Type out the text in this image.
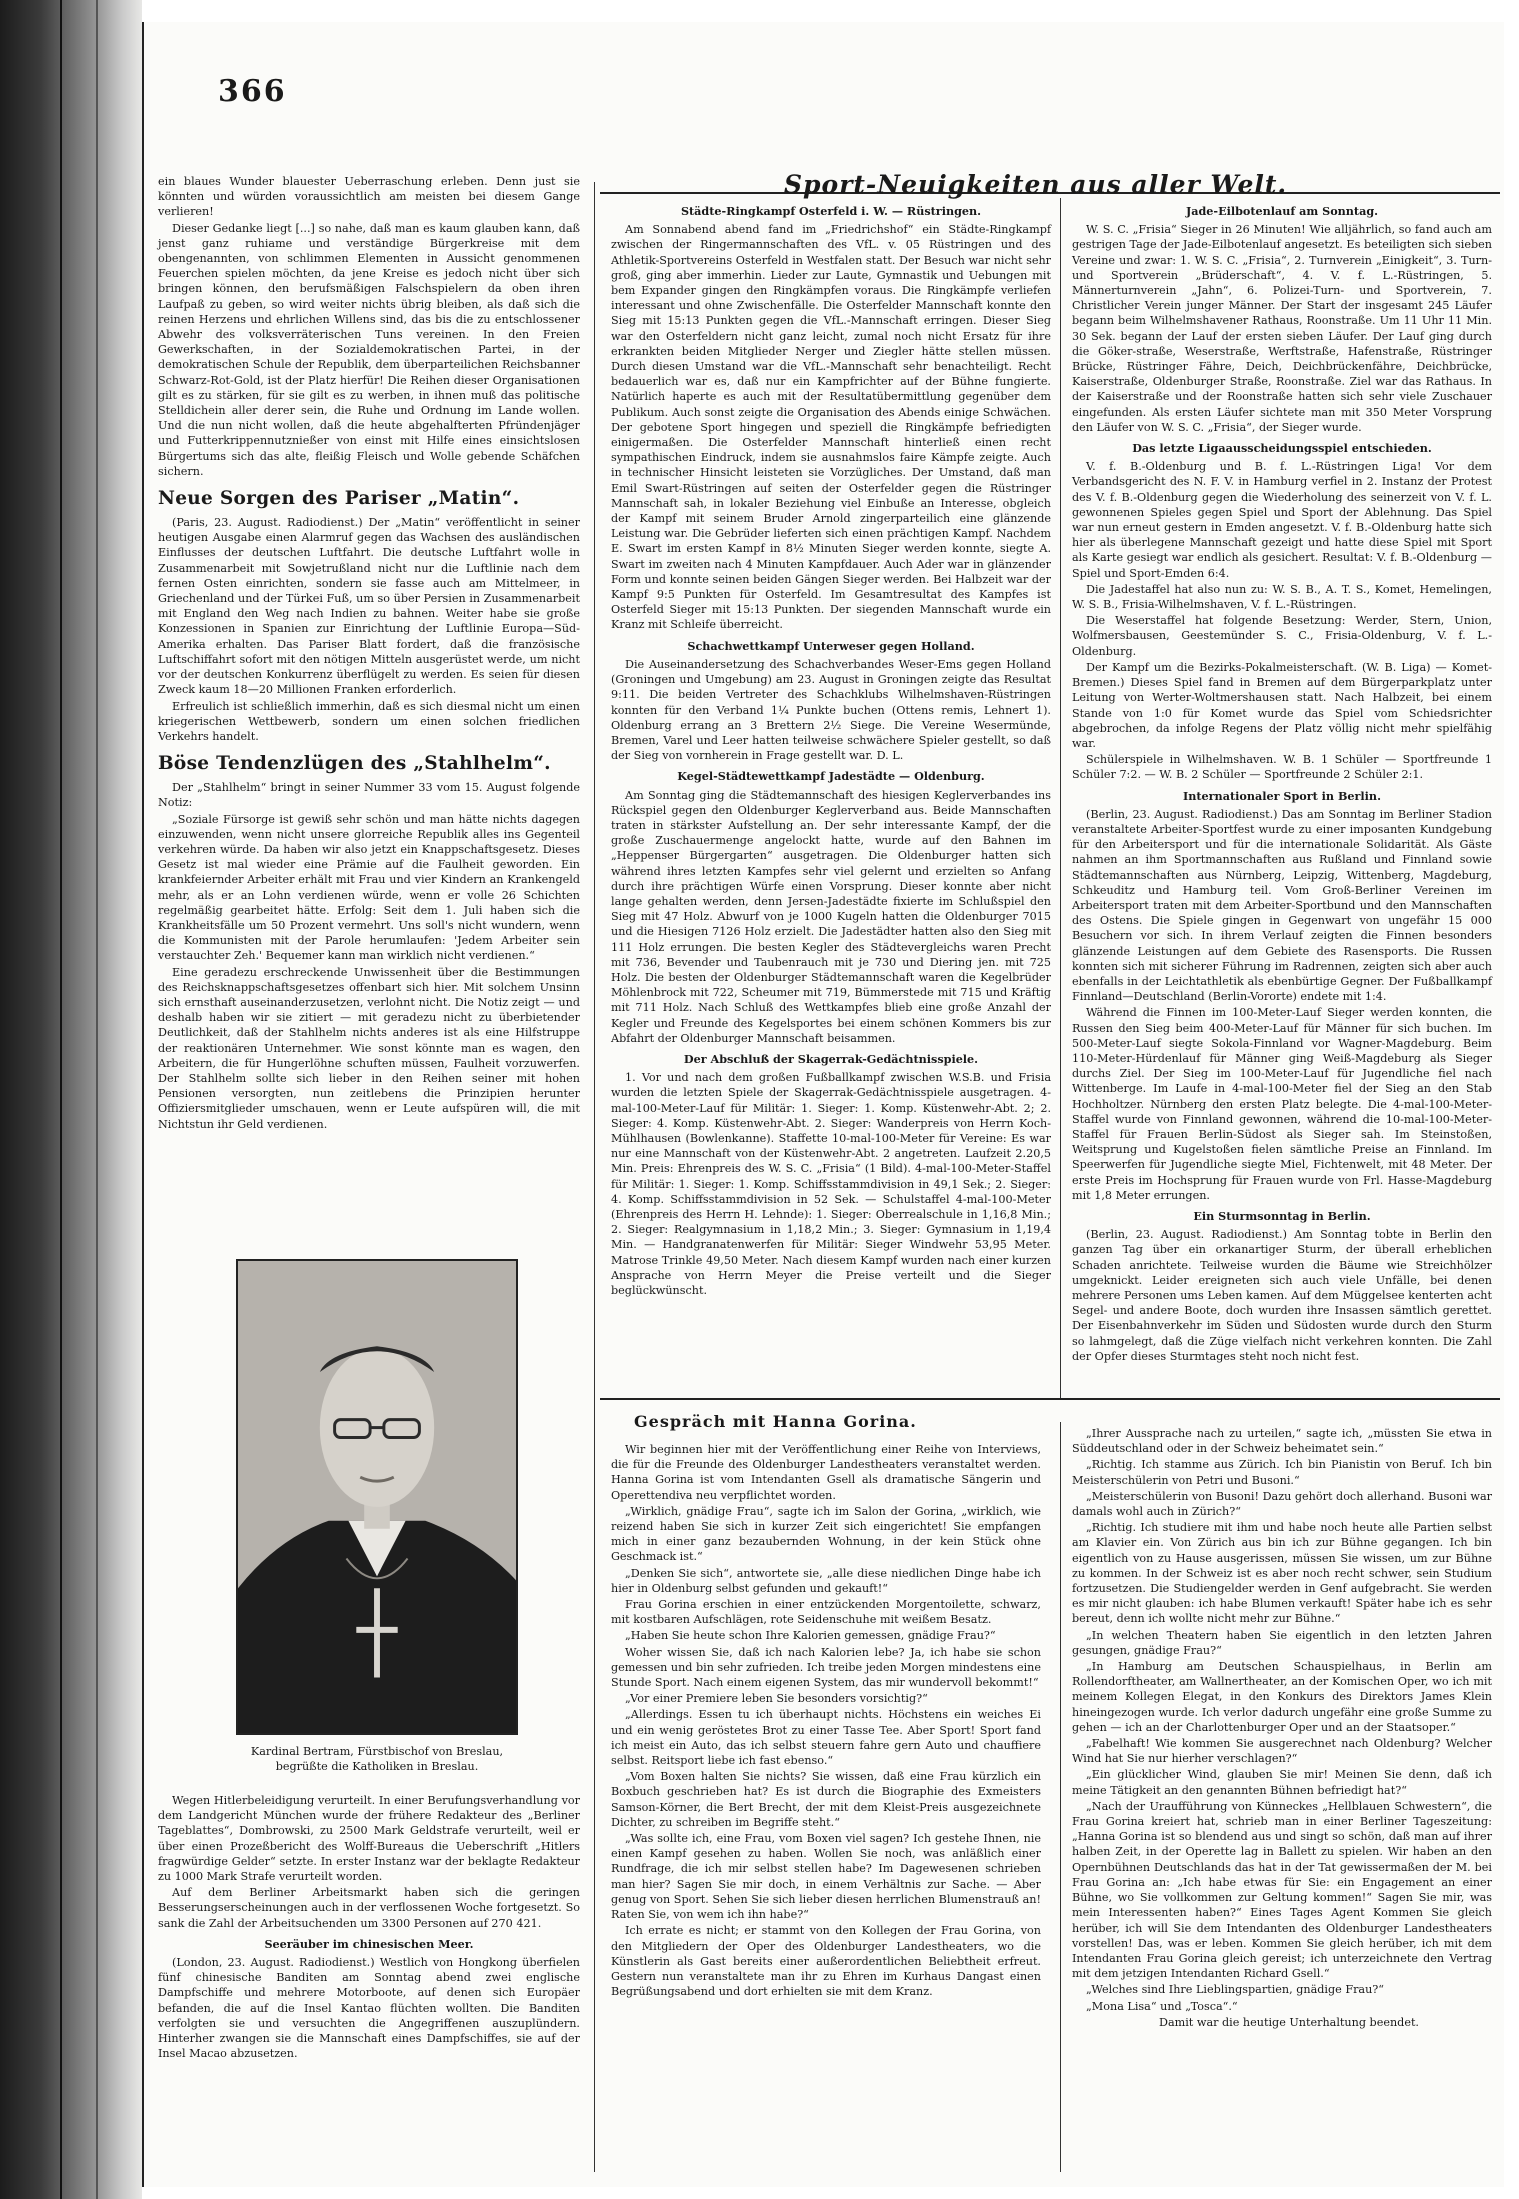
366

ein blaues Wunder blauester Ueberraschung erleben. Denn just sie könnten und würden voraussichtlich am meisten bei diesem Gange verlieren!

Dieser Gedanke liegt [...] so nahe, daß man es kaum glauben kann, daß jenst ganz ruhiame und verständige Bürgerkreise mit dem obengenannten, von schlimmen Elementen in Aussicht genommenen Feuerchen spielen möchten, da jene Kreise es jedoch nicht über sich bringen können, den berufsmäßigen Falschspielern da oben ihren Laufpaß zu geben, so wird weiter nichts übrig bleiben, als daß sich die reinen Herzens und ehrlichen Willens sind, das bis die zu entschlossener Abwehr des volksverräterischen Tuns vereinen. In den Freien Gewerkschaften, in der Sozialdemokratischen Partei, in der demokratischen Schule der Republik, dem überparteilichen Reichsbanner Schwarz-Rot-Gold, ist der Platz hierfür! Die Reihen dieser Organisationen gilt es zu stärken, für sie gilt es zu werben, in ihnen muß das politische Stelldichein aller derer sein, die Ruhe und Ordnung im Lande wollen. Und die nun nicht wollen, daß die heute abgehalfterten Pfründenjäger und Futterkrippennutznießer von einst mit Hilfe eines einsichtslosen Bürgertums sich das alte, fleißig Fleisch und Wolle gebende Schäfchen sichern.

Neue Sorgen des Pariser „Matin“.

(Paris, 23. August. Radiodienst.) Der „Matin“ veröffentlicht in seiner heutigen Ausgabe einen Alarmruf gegen das Wachsen des ausländischen Einflusses der deutschen Luftfahrt. Die deutsche Luftfahrt wolle in Zusammenarbeit mit Sowjetrußland nicht nur die Luftlinie nach dem fernen Osten einrichten, sondern sie fasse auch am Mittelmeer, in Griechenland und der Türkei Fuß, um so über Persien in Zusammenarbeit mit England den Weg nach Indien zu bahnen. Weiter habe sie große Konzessionen in Spanien zur Einrichtung der Luftlinie Europa—Süd-Amerika erhalten. Das Pariser Blatt fordert, daß die französische Luftschiffahrt sofort mit den nötigen Mitteln ausgerüstet werde, um nicht vor der deutschen Konkurrenz überflügelt zu werden. Es seien für diesen Zweck kaum 18—20 Millionen Franken erforderlich.

Erfreulich ist schließlich immerhin, daß es sich diesmal nicht um einen kriegerischen Wettbewerb, sondern um einen solchen friedlichen Verkehrs handelt.

Böse Tendenzlügen des „Stahlhelm“.

Der „Stahlhelm“ bringt in seiner Nummer 33 vom 15. August folgende Notiz:

„Soziale Fürsorge ist gewiß sehr schön und man hätte nichts dagegen einzuwenden, wenn nicht unsere glorreiche Republik alles ins Gegenteil verkehren würde. Da haben wir also jetzt ein Knappschaftsgesetz. Dieses Gesetz ist mal wieder eine Prämie auf die Faulheit geworden. Ein krankfeiernder Arbeiter erhält mit Frau und vier Kindern an Krankengeld mehr, als er an Lohn verdienen würde, wenn er volle 26 Schichten regelmäßig gearbeitet hätte. Erfolg: Seit dem 1. Juli haben sich die Krankheitsfälle um 50 Prozent vermehrt. Uns soll's nicht wundern, wenn die Kommunisten mit der Parole herumlaufen: 'Jedem Arbeiter sein verstauchter Zeh.' Bequemer kann man wirklich nicht verdienen.“

Eine geradezu erschreckende Unwissenheit über die Bestimmungen des Reichsknappschaftsgesetzes offenbart sich hier. Mit solchem Unsinn sich ernsthaft auseinanderzusetzen, verlohnt nicht. Die Notiz zeigt — und deshalb haben wir sie zitiert — mit geradezu nicht zu überbietender Deutlichkeit, daß der Stahlhelm nichts anderes ist als eine Hilfstruppe der reaktionären Unternehmer. Wie sonst könnte man es wagen, den Arbeitern, die für Hungerlöhne schuften müssen, Faulheit vorzuwerfen. Der Stahlhelm sollte sich lieber in den Reihen seiner mit hohen Pensionen versorgten, nun zeitlebens die Prinzipien herunter Offiziersmitglieder umschauen, wenn er Leute aufspüren will, die mit Nichtstun ihr Geld verdienen.

Kardinal Bertram, Fürstbischof von Breslau,
begrüßte die Katholiken in Breslau.

Wegen Hitlerbeleidigung verurteilt. In einer Berufungsverhandlung vor dem Landgericht München wurde der frühere Redakteur des „Berliner Tageblattes“, Dombrowski, zu 2500 Mark Geldstrafe verurteilt, weil er über einen Prozeßbericht des Wolff-Bureaus die Ueberschrift „Hitlers fragwürdige Gelder“ setzte. In erster Instanz war der beklagte Redakteur zu 1000 Mark Strafe verurteilt worden.

Auf dem Berliner Arbeitsmarkt haben sich die geringen Besserungserscheinungen auch in der verflossenen Woche fortgesetzt. So sank die Zahl der Arbeitsuchenden um 3300 Personen auf 270 421.

Seeräuber im chinesischen Meer.

(London, 23. August. Radiodienst.) Westlich von Hongkong überfielen fünf chinesische Banditen am Sonntag abend zwei englische Dampfschiffe und mehrere Motorboote, auf denen sich Europäer befanden, die auf die Insel Kantao flüchten wollten. Die Banditen verfolgten sie und versuchten die Angegriffenen auszuplündern. Hinterher zwangen sie die Mannschaft eines Dampfschiffes, sie auf der Insel Macao abzusetzen.

Sport-Neuigkeiten aus aller Welt.
Städte-Ringkampf Osterfeld i. W. — Rüstringen.

Am Sonnabend abend fand im „Friedrichshof“ ein Städte-Ringkampf zwischen der Ringermannschaften des VfL. v. 05 Rüstringen und des Athletik-Sportvereins Osterfeld in Westfalen statt. Der Besuch war nicht sehr groß, ging aber immerhin. Lieder zur Laute, Gymnastik und Uebungen mit bem Expander gingen den Ringkämpfen voraus. Die Ringkämpfe verliefen interessant und ohne Zwischenfälle. Die Osterfelder Mannschaft konnte den Sieg mit 15:13 Punkten gegen die VfL.-Mannschaft erringen. Dieser Sieg war den Osterfeldern nicht ganz leicht, zumal noch nicht Ersatz für ihre erkrankten beiden Mitglieder Nerger und Ziegler hätte stellen müssen. Durch diesen Umstand war die VfL.-Mannschaft sehr benachteiligt. Recht bedauerlich war es, daß nur ein Kampfrichter auf der Bühne fungierte. Natürlich haperte es auch mit der Resultatübermittlung gegenüber dem Publikum. Auch sonst zeigte die Organisation des Abends einige Schwächen. Der gebotene Sport hingegen und speziell die Ringkämpfe befriedigten einigermaßen. Die Osterfelder Mannschaft hinterließ einen recht sympathischen Eindruck, indem sie ausnahmslos faire Kämpfe zeigte. Auch in technischer Hinsicht leisteten sie Vorzügliches. Der Umstand, daß man Emil Swart-Rüstringen auf seiten der Osterfelder gegen die Rüstringer Mannschaft sah, in lokaler Beziehung viel Einbuße an Interesse, obgleich der Kampf mit seinem Bruder Arnold zingerparteilich eine glänzende Leistung war. Die Gebrüder lieferten sich einen prächtigen Kampf. Nachdem E. Swart im ersten Kampf in 8½ Minuten Sieger werden konnte, siegte A. Swart im zweiten nach 4 Minuten Kampfdauer. Auch Ader war in glänzender Form und konnte seinen beiden Gängen Sieger werden. Bei Halbzeit war der Kampf 9:5 Punkten für Osterfeld. Im Gesamtresultat des Kampfes ist Osterfeld Sieger mit 15:13 Punkten. Der siegenden Mannschaft wurde ein Kranz mit Schleife überreicht.

Schachwettkampf Unterweser gegen Holland.

Die Auseinandersetzung des Schachverbandes Weser-Ems gegen Holland (Groningen und Umgebung) am 23. August in Groningen zeigte das Resultat 9:11. Die beiden Vertreter des Schachklubs Wilhelmshaven-Rüstringen konnten für den Verband 1¼ Punkte buchen (Ottens remis, Lehnert 1). Oldenburg errang an 3 Brettern 2½ Siege. Die Vereine Wesermünde, Bremen, Varel und Leer hatten teilweise schwächere Spieler gestellt, so daß der Sieg von vornherein in Frage gestellt war. D. L.

Kegel-Städtewettkampf Jadestädte — Oldenburg.

Am Sonntag ging die Städtemannschaft des hiesigen Keglerverbandes ins Rückspiel gegen den Oldenburger Keglerverband aus. Beide Mannschaften traten in stärkster Aufstellung an. Der sehr interessante Kampf, der die große Zuschauermenge angelockt hatte, wurde auf den Bahnen im „Heppenser Bürgergarten“ ausgetragen. Die Oldenburger hatten sich während ihres letzten Kampfes sehr viel gelernt und erzielten so Anfang durch ihre prächtigen Würfe einen Vorsprung. Dieser konnte aber nicht lange gehalten werden, denn Jersen-Jadestädte fixierte im Schlußspiel den Sieg mit 47 Holz. Abwurf von je 1000 Kugeln hatten die Oldenburger 7015 und die Hiesigen 7126 Holz erzielt. Die Jadestädter hatten also den Sieg mit 111 Holz errungen. Die besten Kegler des Städtevergleichs waren Precht mit 736, Bevender und Taubenrauch mit je 730 und Diering jen. mit 725 Holz. Die besten der Oldenburger Städtemannschaft waren die Kegelbrüder Möhlenbrock mit 722, Scheumer mit 719, Bümmerstede mit 715 und Kräftig mit 711 Holz. Nach Schluß des Wettkampfes blieb eine große Anzahl der Kegler und Freunde des Kegelsportes bei einem schönen Kommers bis zur Abfahrt der Oldenburger Mannschaft beisammen.

Der Abschluß der Skagerrak-Gedächtnisspiele.

1. Vor und nach dem großen Fußballkampf zwischen W.S.B. und Frisia wurden die letzten Spiele der Skagerrak-Gedächtnisspiele ausgetragen. 4-mal-100-Meter-Lauf für Militär: 1. Sieger: 1. Komp. Küstenwehr-Abt. 2; 2. Sieger: 4. Komp. Küstenwehr-Abt. 2. Sieger: Wanderpreis von Herrn Koch-Mühlhausen (Bowlenkanne). Staffette 10-mal-100-Meter für Vereine: Es war nur eine Mannschaft von der Küstenwehr-Abt. 2 angetreten. Laufzeit 2.20,5 Min. Preis: Ehrenpreis des W. S. C. „Frisia“ (1 Bild). 4-mal-100-Meter-Staffel für Militär: 1. Sieger: 1. Komp. Schiffsstammdivision in 49,1 Sek.; 2. Sieger: 4. Komp. Schiffsstammdivision in 52 Sek. — Schulstaffel 4-mal-100-Meter (Ehrenpreis des Herrn H. Lehnde): 1. Sieger: Oberrealschule in 1,16,8 Min.; 2. Sieger: Realgymnasium in 1,18,2 Min.; 3. Sieger: Gymnasium in 1,19,4 Min. — Handgranatenwerfen für Militär: Sieger Windwehr 53,95 Meter. Matrose Trinkle 49,50 Meter. Nach diesem Kampf wurden nach einer kurzen Ansprache von Herrn Meyer die Preise verteilt und die Sieger beglückwünscht.

Jade-Eilbotenlauf am Sonntag.

W. S. C. „Frisia“ Sieger in 26 Minuten! Wie alljährlich, so fand auch am gestrigen Tage der Jade-Eilbotenlauf angesetzt. Es beteiligten sich sieben Vereine und zwar: 1. W. S. C. „Frisia“, 2. Turnverein „Einigkeit“, 3. Turn- und Sportverein „Brüderschaft“, 4. V. f. L.-Rüstringen, 5. Männerturnverein „Jahn“, 6. Polizei-Turn- und Sportverein, 7. Christlicher Verein junger Männer. Der Start der insgesamt 245 Läufer begann beim Wilhelmshavener Rathaus, Roonstraße. Um 11 Uhr 11 Min. 30 Sek. begann der Lauf der ersten sieben Läufer. Der Lauf ging durch die Göker-straße, Weserstraße, Werftstraße, Hafenstraße, Rüstringer Brücke, Rüstringer Fähre, Deich, Deichbrückenfähre, Deichbrücke, Kaiserstraße, Oldenburger Straße, Roonstraße. Ziel war das Rathaus. In der Kaiserstraße und der Roonstraße hatten sich sehr viele Zuschauer eingefunden. Als ersten Läufer sichtete man mit 350 Meter Vorsprung den Läufer von W. S. C. „Frisia“, der Sieger wurde.

Das letzte Ligaausscheidungsspiel entschieden.

V. f. B.-Oldenburg und B. f. L.-Rüstringen Liga! Vor dem Verbandsgericht des N. F. V. in Hamburg verfiel in 2. Instanz der Protest des V. f. B.-Oldenburg gegen die Wiederholung des seinerzeit von V. f. L. gewonnenen Spieles gegen Spiel und Sport der Ablehnung. Das Spiel war nun erneut gestern in Emden angesetzt. V. f. B.-Oldenburg hatte sich hier als überlegene Mannschaft gezeigt und hatte diese Spiel mit Sport als Karte gesiegt war endlich als gesichert. Resultat: V. f. B.-Oldenburg — Spiel und Sport-Emden 6:4.

Die Jadestaffel hat also nun zu: W. S. B., A. T. S., Komet, Hemelingen, W. S. B., Frisia-Wilhelmshaven, V. f. L.-Rüstringen.

Die Weserstaffel hat folgende Besetzung: Werder, Stern, Union, Wolfmersbausen, Geestemünder S. C., Frisia-Oldenburg, V. f. L.-Oldenburg.

Der Kampf um die Bezirks-Pokalmeisterschaft. (W. B. Liga) — Komet-Bremen.) Dieses Spiel fand in Bremen auf dem Bürgerparkplatz unter Leitung von Werter-Woltmershausen statt. Nach Halbzeit, bei einem Stande von 1:0 für Komet wurde das Spiel vom Schiedsrichter abgebrochen, da infolge Regens der Platz völlig nicht mehr spielfähig war.

Schülerspiele in Wilhelmshaven. W. B. 1 Schüler — Sportfreunde 1 Schüler 7:2. — W. B. 2 Schüler — Sportfreunde 2 Schüler 2:1.

Internationaler Sport in Berlin.

(Berlin, 23. August. Radiodienst.) Das am Sonntag im Berliner Stadion veranstaltete Arbeiter-Sportfest wurde zu einer imposanten Kundgebung für den Arbeitersport und für die internationale Solidarität. Als Gäste nahmen an ihm Sportmannschaften aus Rußland und Finnland sowie Städtemannschaften aus Nürnberg, Leipzig, Wittenberg, Magdeburg, Schkeuditz und Hamburg teil. Vom Groß-Berliner Vereinen im Arbeitersport traten mit dem Arbeiter-Sportbund und den Mannschaften des Ostens. Die Spiele gingen in Gegenwart von ungefähr 15 000 Besuchern vor sich. In ihrem Verlauf zeigten die Finnen besonders glänzende Leistungen auf dem Gebiete des Rasensports. Die Russen konnten sich mit sicherer Führung im Radrennen, zeigten sich aber auch ebenfalls in der Leichtathletik als ebenbürtige Gegner. Der Fußballkampf Finnland—Deutschland (Berlin-Vororte) endete mit 1:4.

Während die Finnen im 100-Meter-Lauf Sieger werden konnten, die Russen den Sieg beim 400-Meter-Lauf für Männer für sich buchen. Im 500-Meter-Lauf siegte Sokola-Finnland vor Wagner-Magdeburg. Beim 110-Meter-Hürdenlauf für Männer ging Weiß-Magdeburg als Sieger durchs Ziel. Der Sieg im 100-Meter-Lauf für Jugendliche fiel nach Wittenberge. Im Laufe in 4-mal-100-Meter fiel der Sieg an den Stab Hochholtzer. Nürnberg den ersten Platz belegte. Die 4-mal-100-Meter-Staffel wurde von Finnland gewonnen, während die 10-mal-100-Meter-Staffel für Frauen Berlin-Südost als Sieger sah. Im Steinstoßen, Weitsprung und Kugelstoßen fielen sämtliche Preise an Finnland. Im Speerwerfen für Jugendliche siegte Miel, Fichtenwelt, mit 48 Meter. Der erste Preis im Hochsprung für Frauen wurde von Frl. Hasse-Magdeburg mit 1,8 Meter errungen.

Ein Sturmsonntag in Berlin.

(Berlin, 23. August. Radiodienst.) Am Sonntag tobte in Berlin den ganzen Tag über ein orkanartiger Sturm, der überall erheblichen Schaden anrichtete. Teilweise wurden die Bäume wie Streichhölzer umgeknickt. Leider ereigneten sich auch viele Unfälle, bei denen mehrere Personen ums Leben kamen. Auf dem Müggelsee kenterten acht Segel- und andere Boote, doch wurden ihre Insassen sämtlich gerettet. Der Eisenbahnverkehr im Süden und Südosten wurde durch den Sturm so lahmgelegt, daß die Züge vielfach nicht verkehren konnten. Die Zahl der Opfer dieses Sturmtages steht noch nicht fest.

Gespräch mit Hanna Gorina.

Wir beginnen hier mit der Veröffentlichung einer Reihe von Interviews, die für die Freunde des Oldenburger Landestheaters veranstaltet werden. Hanna Gorina ist vom Intendanten Gsell als dramatische Sängerin und Operettendiva neu verpflichtet worden.

„Wirklich, gnädige Frau“, sagte ich im Salon der Gorina, „wirklich, wie reizend haben Sie sich in kurzer Zeit sich eingerichtet! Sie empfangen mich in einer ganz bezaubernden Wohnung, in der kein Stück ohne Geschmack ist.“

„Denken Sie sich“, antwortete sie, „alle diese niedlichen Dinge habe ich hier in Oldenburg selbst gefunden und gekauft!“

Frau Gorina erschien in einer entzückenden Morgentoilette, schwarz, mit kostbaren Aufschlägen, rote Seidenschuhe mit weißem Besatz.

„Haben Sie heute schon Ihre Kalorien gemessen, gnädige Frau?“

Woher wissen Sie, daß ich nach Kalorien lebe? Ja, ich habe sie schon gemessen und bin sehr zufrieden. Ich treibe jeden Morgen mindestens eine Stunde Sport. Nach einem eigenen System, das mir wundervoll bekommt!“

„Vor einer Premiere leben Sie besonders vorsichtig?“

„Allerdings. Essen tu ich überhaupt nichts. Höchstens ein weiches Ei und ein wenig geröstetes Brot zu einer Tasse Tee. Aber Sport! Sport fand ich meist ein Auto, das ich selbst steuern fahre gern Auto und chauffiere selbst. Reitsport liebe ich fast ebenso.“

„Vom Boxen halten Sie nichts? Sie wissen, daß eine Frau kürzlich ein Boxbuch geschrieben hat? Es ist durch die Biographie des Exmeisters Samson-Körner, die Bert Brecht, der mit dem Kleist-Preis ausgezeichnete Dichter, zu schreiben im Begriffe steht.“

„Was sollte ich, eine Frau, vom Boxen viel sagen? Ich gestehe Ihnen, nie einen Kampf gesehen zu haben. Wollen Sie noch, was anläßlich einer Rundfrage, die ich mir selbst stellen habe? Im Dagewesenen schrieben man hier? Sagen Sie mir doch, in einem Verhältnis zur Sache. — Aber genug von Sport. Sehen Sie sich lieber diesen herrlichen Blumenstrauß an! Raten Sie, von wem ich ihn habe?“

Ich errate es nicht; er stammt von den Kollegen der Frau Gorina, von den Mitgliedern der Oper des Oldenburger Landestheaters, wo die Künstlerin als Gast bereits einer außerordentlichen Beliebtheit erfreut. Gestern nun veranstaltete man ihr zu Ehren im Kurhaus Dangast einen Begrüßungsabend und dort erhielten sie mit dem Kranz.

„Ihrer Aussprache nach zu urteilen,“ sagte ich, „müssten Sie etwa in Süddeutschland oder in der Schweiz beheimatet sein.“

„Richtig. Ich stamme aus Zürich. Ich bin Pianistin von Beruf. Ich bin Meisterschülerin von Petri und Busoni.“

„Meisterschülerin von Busoni! Dazu gehört doch allerhand. Busoni war damals wohl auch in Zürich?“

„Richtig. Ich studiere mit ihm und habe noch heute alle Partien selbst am Klavier ein. Von Zürich aus bin ich zur Bühne gegangen. Ich bin eigentlich von zu Hause ausgerissen, müssen Sie wissen, um zur Bühne zu kommen. In der Schweiz ist es aber noch recht schwer, sein Studium fortzusetzen. Die Studiengelder werden in Genf aufgebracht. Sie werden es mir nicht glauben: ich habe Blumen verkauft! Später habe ich es sehr bereut, denn ich wollte nicht mehr zur Bühne.“

„In welchen Theatern haben Sie eigentlich in den letzten Jahren gesungen, gnädige Frau?“

„In Hamburg am Deutschen Schauspielhaus, in Berlin am Rollendorftheater, am Wallnertheater, an der Komischen Oper, wo ich mit meinem Kollegen Elegat, in den Konkurs des Direktors James Klein hineingezogen wurde. Ich verlor dadurch ungefähr eine große Summe zu gehen — ich an der Charlottenburger Oper und an der Staatsoper.“

„Fabelhaft! Wie kommen Sie ausgerechnet nach Oldenburg? Welcher Wind hat Sie nur hierher verschlagen?“

„Ein glücklicher Wind, glauben Sie mir! Meinen Sie denn, daß ich meine Tätigkeit an den genannten Bühnen befriedigt hat?“

„Nach der Uraufführung von Künneckes „Hellblauen Schwestern“, die Frau Gorina kreiert hat, schrieb man in einer Berliner Tageszeitung: „Hanna Gorina ist so blendend aus und singt so schön, daß man auf ihrer halben Zeit, in der Operette lag in Ballett zu spielen. Wir haben an den Opernbühnen Deutschlands das hat in der Tat gewissermaßen der M. bei Frau Gorina an: „Ich habe etwas für Sie: ein Engagement an einer Bühne, wo Sie vollkommen zur Geltung kommen!“ Sagen Sie mir, was mein Interessenten haben?“ Eines Tages Agent Kommen Sie gleich herüber, ich will Sie dem Intendanten des Oldenburger Landestheaters vorstellen! Das, was er leben. Kommen Sie gleich herüber, ich mit dem Intendanten Frau Gorina gleich gereist; ich unterzeichnete den Vertrag mit dem jetzigen Intendanten Richard Gsell.“

„Welches sind Ihre Lieblingspartien, gnädige Frau?“

„Mona Lisa“ und „Tosca“.“

Damit war die heutige Unterhaltung beendet.
